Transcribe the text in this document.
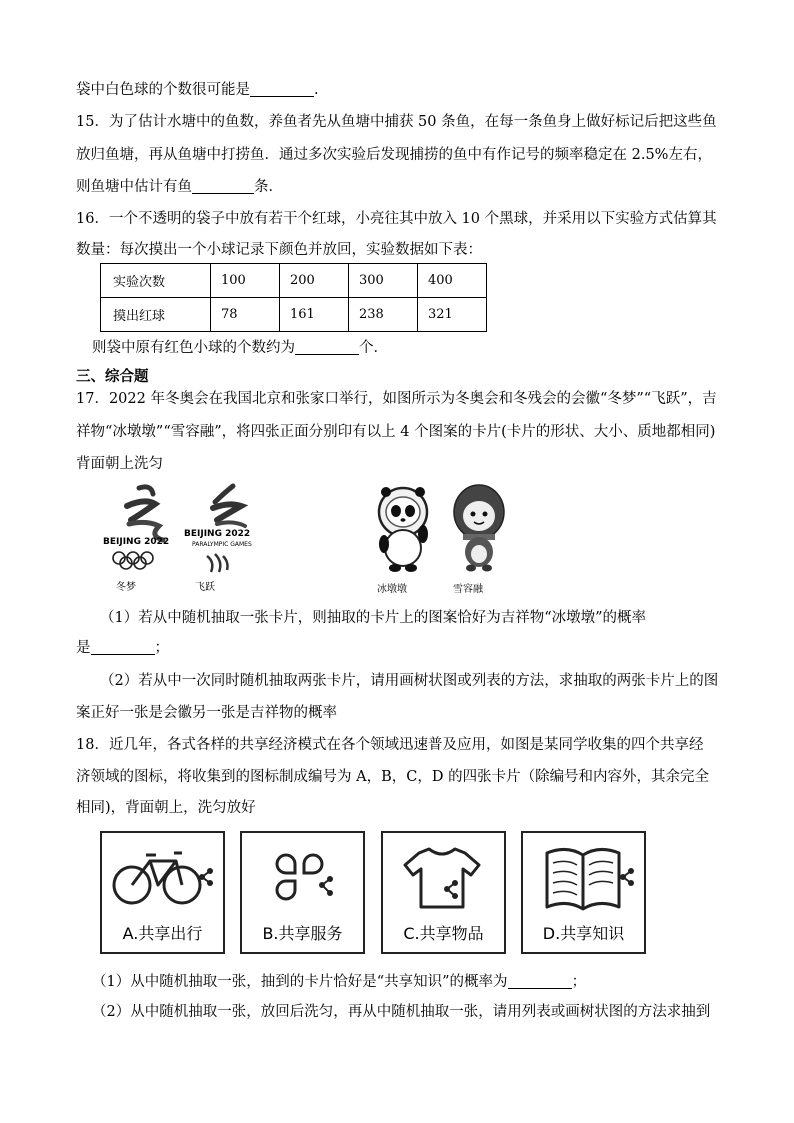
袋中白色球的个数很可能是	.
15．为了估计水塘中的鱼数，养鱼者先从鱼塘中捕获 50 条鱼，在每一条鱼身上做好标记后把这些鱼
放归鱼塘，再从鱼塘中打捞鱼．通过多次实验后发现捕捞的鱼中有作记号的频率稳定在 2.5%左右，
则鱼塘中估计有鱼	条．
16．一个不透明的袋子中放有若干个红球，小亮往其中放入 10 个黑球，并采用以下实验方式估算其
数量：每次摸出一个小球记录下颜色并放回，实验数据如下表：
实验次数	100	200	300	400
摸出红球	78	161	238	321
则袋中原有红色小球的个数约为	个．
三、综合题
17．2022 年冬奥会在我国北京和张家口举行，如图所示为冬奥会和冬残会的会徽“冬梦”“飞跃”，吉
祥物“冰墩墩”“雪容融”，将四张正面分别印有以上 4 个图案的卡片(卡片的形状、大小、质地都相同)
背面朝上洗匀
BEIJING 2022
冬梦
BEIJING 2022
PARALYMPIC GAMES
飞跃	冰墩墩	雪容融
（1）若从中随机抽取一张卡片，则抽取的卡片上的图案恰好为吉祥物“冰墩墩”的概率
是	；
（2）若从中一次同时随机抽取两张卡片，请用画树状图或列表的方法，求抽取的两张卡片上的图
案正好一张是会徽另一张是吉祥物的概率
18．近几年，各式各样的共享经济模式在各个领域迅速普及应用，如图是某同学收集的四个共享经
济领域的图标，将收集到的图标制成编号为 A，B，C，D 的四张卡片（除编号和内容外，其余完全
相同)，背面朝上，洗匀放好
A.共享出行	B.共享服务	C.共享物品	D.共享知识
（1）从中随机抽取一张，抽到的卡片恰好是“共享知识”的概率为	；
（2）从中随机抽取一张，放回后洗匀，再从中随机抽取一张，请用列表或画树状图的方法求抽到
